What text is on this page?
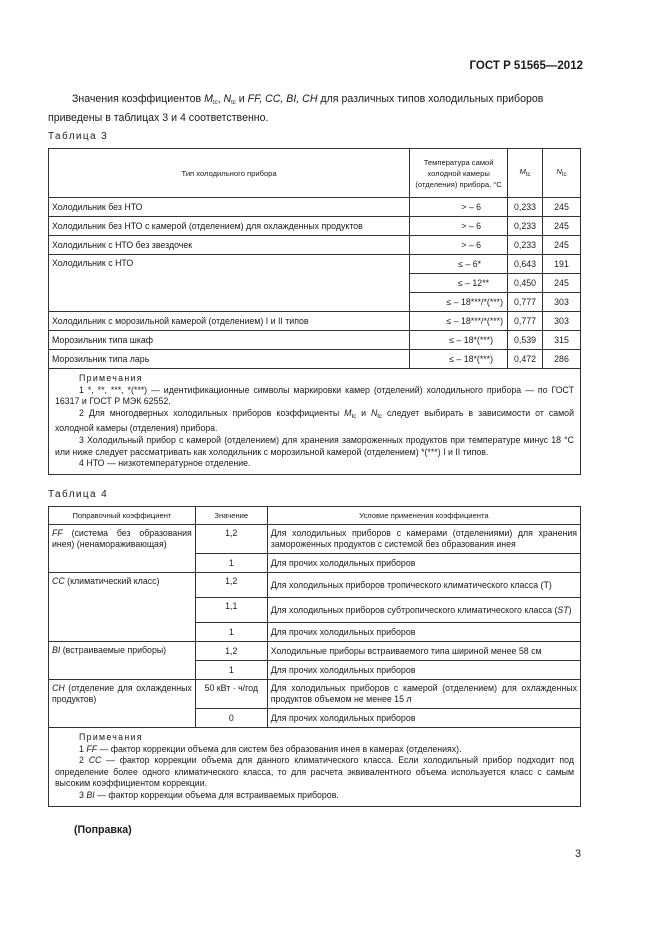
ГОСТ Р 51565—2012
Значения коэффициентов $M_{tc}$, $N_{tc}$ и FF, CC, BI, CH для различных типов холодильных приборов приведены в таблицах 3 и 4 соответственно.
Таблица 3
Тип холодильного прибора	Температура самой холодной камеры (отделения) прибора, °С	$M_{tc}$	$N_{tc}$
Холодильник без НТО	> – 6	0,233	245
Холодильник без НТО с камерой (отделением) для охлажденных продуктов	> – 6	0,233	245
Холодильник с НТО без звездочек	> – 6	0,233	245
Холодильник с НТО	≤ – 6*	0,643	191
	≤ – 12**	0,450	245
	≤ – 18***/*(***)	0,777	303
Холодильник с морозильной камерой (отделением) I и II типов	≤ – 18***/*(***)	0,777	303
Морозильник типа шкаф	≤ – 18*(***)	0,539	315
Морозильник типа ларь	≤ – 18*(***)	0,472	286

Примечания
1 *, **, ***, *(***) — идентификационные символы маркировки камер (отделений) холодильного прибора — по ГОСТ 16317 и ГОСТ Р МЭК 62552.
2 Для многодверных холодильных приборов коэффициенты $M_{tc}$ и $N_{tc}$ следует выбирать в зависимости от самой холодной камеры (отделения) прибора.
3 Холодильный прибор с камерой (отделением) для хранения замороженных продуктов при температуре минус 18 °С или ниже следует рассматривать как холодильник с морозильной камерой (отделением) *(***) I и II типов.
4 НТО — низкотемпературное отделение.			
Таблица 4
Поправочный коэффициент	Значение	Условие применения коэффициента
FF (система без образования инея) (ненамораживающая)	1,2	Для холодильных приборов с камерами (отделениями) для хранения замороженных продуктов с системой без образования инея
	1	Для прочих холодильных приборов
CC (климатический класс)	1,2	Для холодильных приборов тропического климатического класса (T)
	1,1	Для холодильных приборов субтропического климатического класса (ST)
	1	Для прочих холодильных приборов
BI (встраиваемые приборы)	1,2	Холодильные приборы встраиваемого типа шириной менее 58 см
	1	Для прочих холодильных приборов
CH (отделение для охлажденных продуктов)	50 кВт · ч/год	Для холодильных приборов с камерой (отделением) для охлажденных продуктов объемом не менее 15 л
	0	Для прочих холодильных приборов

Примечания
1 FF — фактор коррекции объема для систем без образования инея в камерах (отделениях).
2 CC — фактор коррекции объема для данного климатического класса. Если холодильный прибор подходит под определение более одного климатического класса, то для расчета эквивалентного объема используется класс с самым высоким коэффициентом коррекции.
3 BI — фактор коррекции объема для встраиваемых приборов.		
(Поправка)
3
